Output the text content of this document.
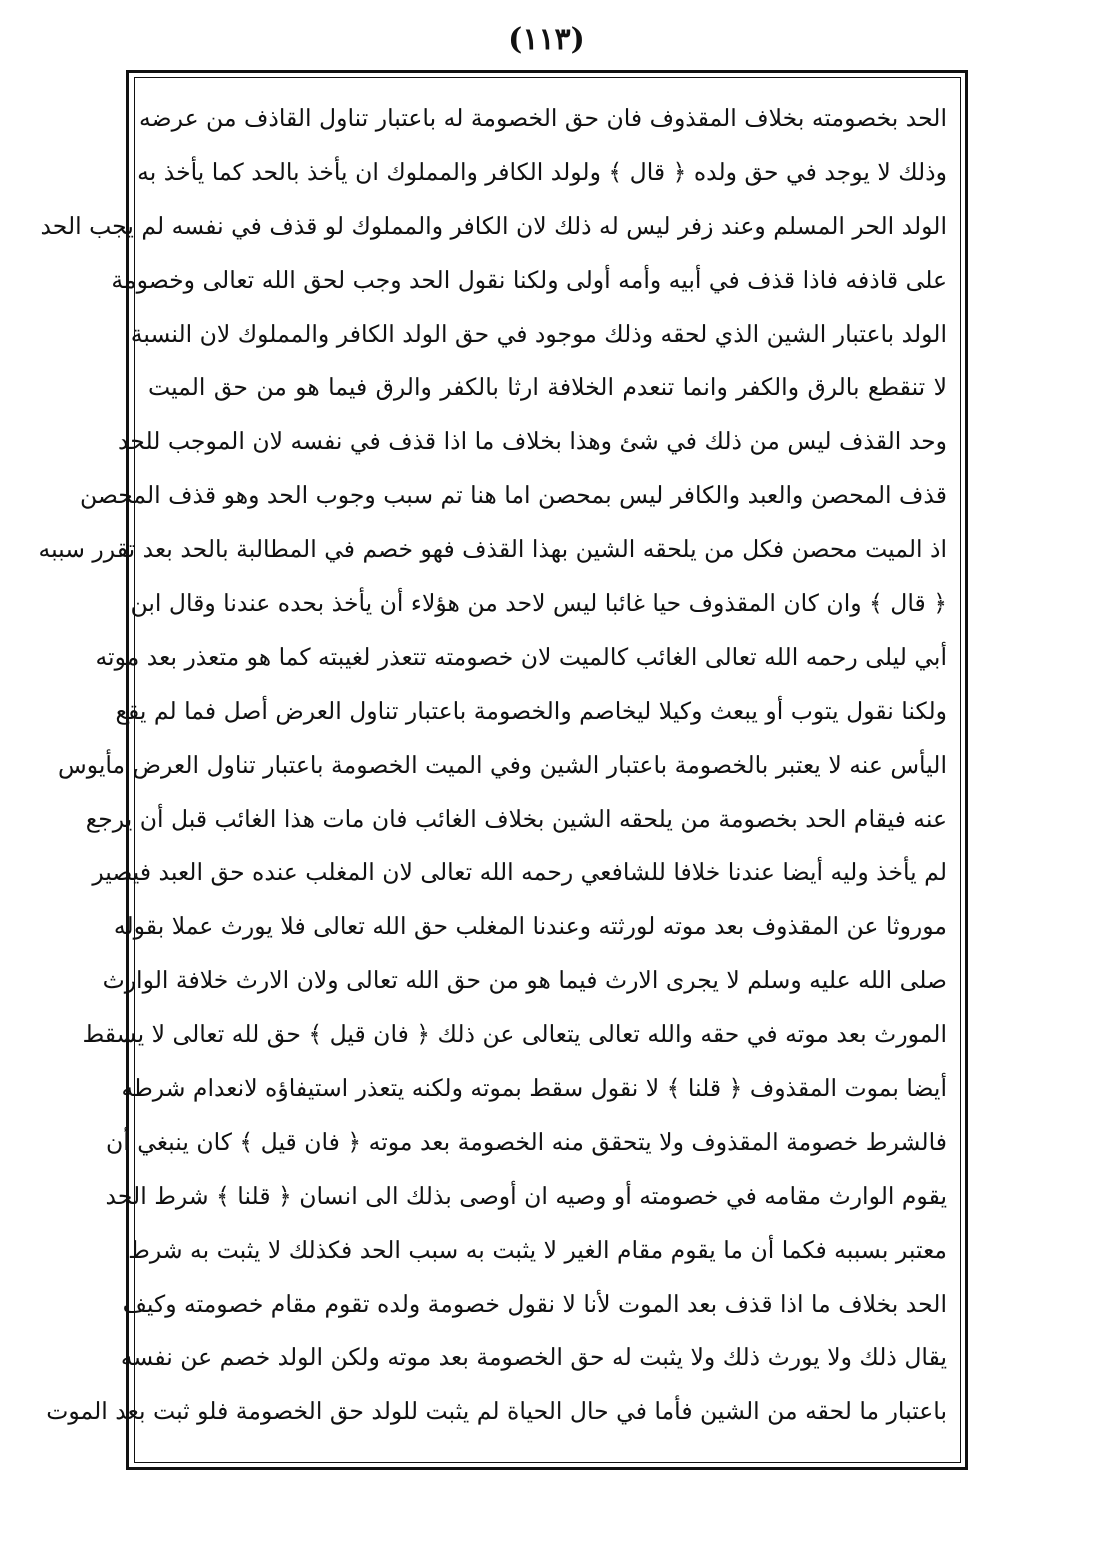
(١١٣)
الحد بخصومته بخلاف المقذوف فان حق الخصومة له باعتبار تناول القاذف من عرضه
وذلك لا يوجد في حق ولده ﴿ قال ﴾ ولولد الكافر والمملوك ان يأخذ بالحد كما يأخذ به
الولد الحر المسلم وعند زفر ليس له ذلك لان الكافر والمملوك لو قذف في نفسه لم يجب الحد
على قاذفه فاذا قذف في أبيه وأمه أولى ولكنا نقول الحد وجب لحق الله تعالى وخصومة
الولد باعتبار الشين الذي لحقه وذلك موجود في حق الولد الكافر والمملوك لان النسبة
لا تنقطع بالرق والكفر وانما تنعدم الخلافة ارثا بالكفر والرق فيما هو من حق الميت
وحد القذف ليس من ذلك في شئ وهذا بخلاف ما اذا قذف في نفسه لان الموجب للحد
قذف المحصن والعبد والكافر ليس بمحصن اما هنا تم سبب وجوب الحد وهو قذف المحصن
اذ الميت محصن فكل من يلحقه الشين بهذا القذف فهو خصم في المطالبة بالحد بعد تقرر سببه
﴿ قال ﴾ وان كان المقذوف حيا غائبا ليس لاحد من هؤلاء أن يأخذ بحده عندنا وقال ابن
أبي ليلى رحمه الله تعالى الغائب كالميت لان خصومته تتعذر لغيبته كما هو متعذر بعد موته
ولكنا نقول يتوب أو يبعث وكيلا ليخاصم والخصومة باعتبار تناول العرض أصل فما لم يقع
اليأس عنه لا يعتبر بالخصومة باعتبار الشين وفي الميت الخصومة باعتبار تناول العرض مأيوس
عنه فيقام الحد بخصومة من يلحقه الشين بخلاف الغائب فان مات هذا الغائب قبل أن يرجع
لم يأخذ وليه أيضا عندنا خلافا للشافعي رحمه الله تعالى لان المغلب عنده حق العبد فيصير
موروثا عن المقذوف بعد موته لورثته وعندنا المغلب حق الله تعالى فلا يورث عملا بقوله
صلى الله عليه وسلم لا يجرى الارث فيما هو من حق الله تعالى ولان الارث خلافة الوارث
المورث بعد موته في حقه والله تعالى يتعالى عن ذلك ﴿ فان قيل ﴾ حق لله تعالى لا يسقط
أيضا بموت المقذوف ﴿ قلنا ﴾ لا نقول سقط بموته ولكنه يتعذر استيفاؤه لانعدام شرطه
فالشرط خصومة المقذوف ولا يتحقق منه الخصومة بعد موته ﴿ فان قيل ﴾ كان ينبغي أن
يقوم الوارث مقامه في خصومته أو وصيه ان أوصى بذلك الى انسان ﴿ قلنا ﴾ شرط الحد
معتبر بسببه فكما أن ما يقوم مقام الغير لا يثبت به سبب الحد فكذلك لا يثبت به شرط
الحد بخلاف ما اذا قذف بعد الموت لأنا لا نقول خصومة ولده تقوم مقام خصومته وكيف
يقال ذلك ولا يورث ذلك ولا يثبت له حق الخصومة بعد موته ولكن الولد خصم عن نفسه
باعتبار ما لحقه من الشين فأما في حال الحياة لم يثبت للولد حق الخصومة فلو ثبت بعد الموت
